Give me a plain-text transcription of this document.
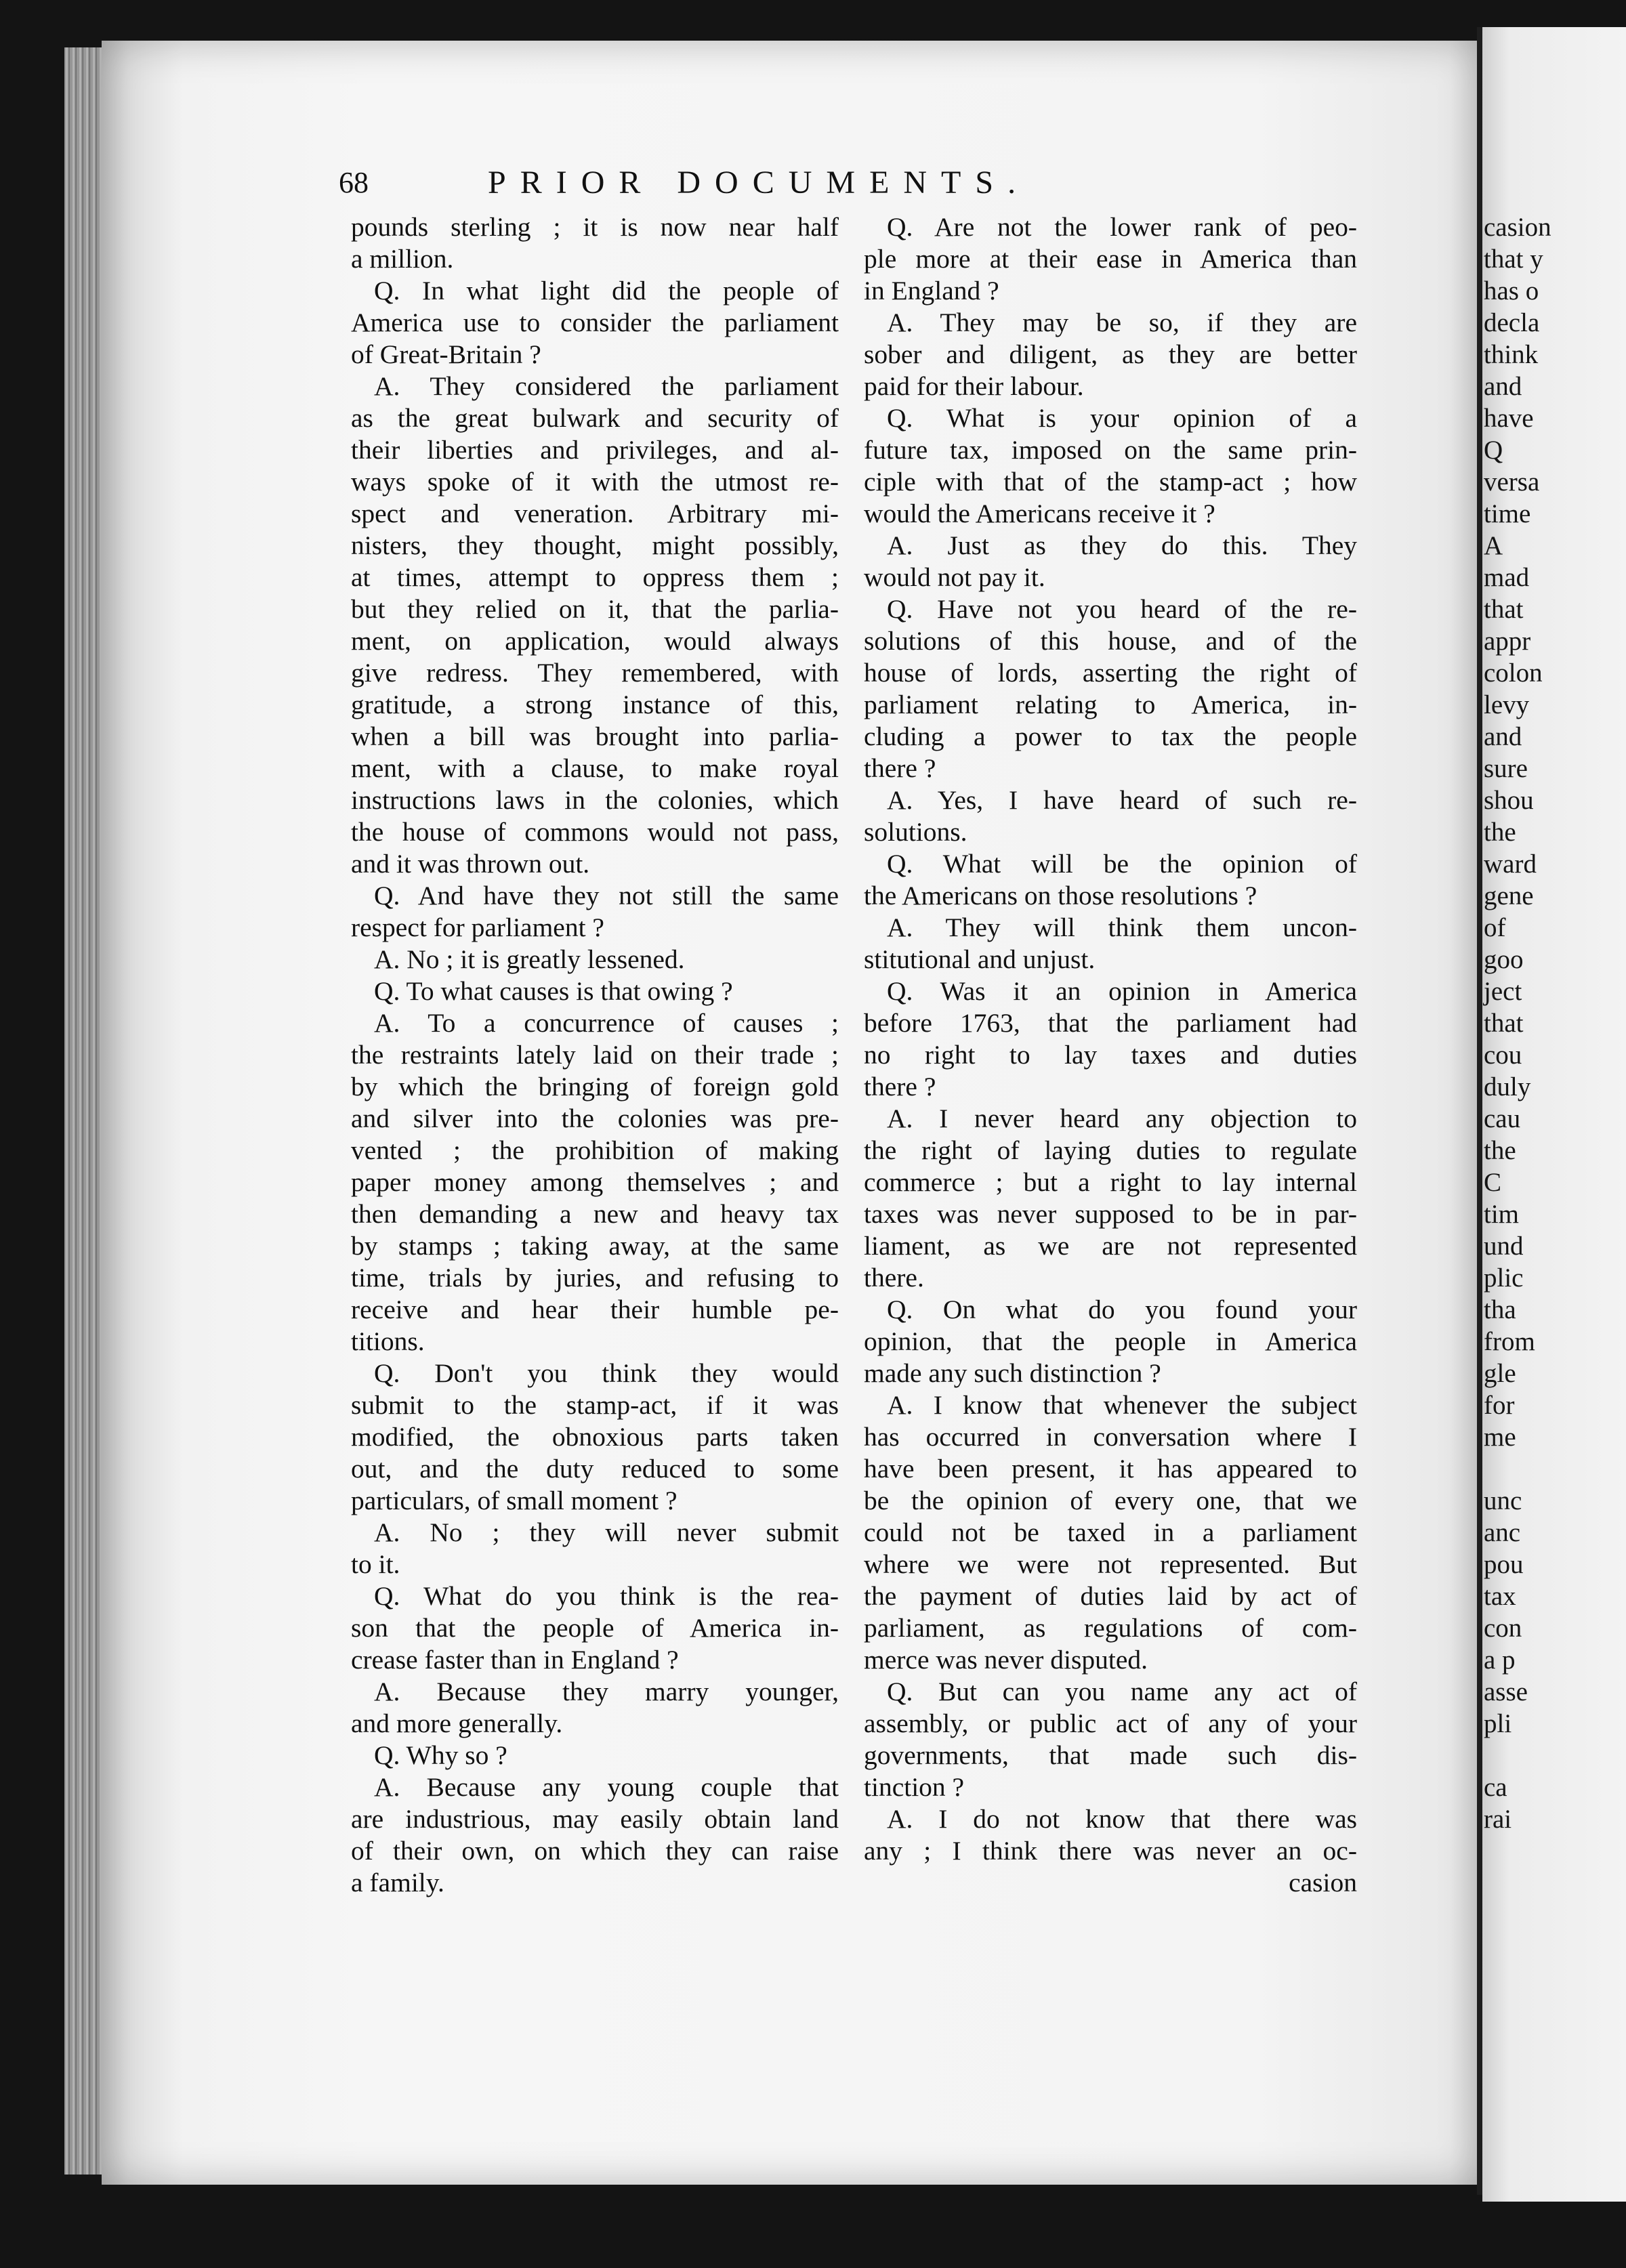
casion
that y
has o
decla
think
and
have
Q
versa
time
A
mad
that
appr
colon
levy
and
sure
shou
the
ward
gene
of
goo
ject
that
cou
duly
cau
the
C
tim
und
plic
tha
from
gle
for
me
unc
anc
pou
tax
con
a p
asse
pli
ca
rai
68	PRIOR DOCUMENTS.
pounds sterling ; it is now near half
a million.
Q. In what light did the people of
America use to consider the parliament
of Great-Britain ?
A. They considered the parliament
as the great bulwark and security of
their liberties and privileges, and al-
ways spoke of it with the utmost re-
spect and veneration. Arbitrary mi-
nisters, they thought, might possibly,
at times, attempt to oppress them ;
but they relied on it, that the parlia-
ment, on application, would always
give redress. They remembered, with
gratitude, a strong instance of this,
when a bill was brought into parlia-
ment, with a clause, to make royal
instructions laws in the colonies, which
the house of commons would not pass,
and it was thrown out.
Q. And have they not still the same
respect for parliament ?
A. No ; it is greatly lessened.
Q. To what causes is that owing ?
A. To a concurrence of causes ;
the restraints lately laid on their trade ;
by which the bringing of foreign gold
and silver into the colonies was pre-
vented ; the prohibition of making
paper money among themselves ; and
then demanding a new and heavy tax
by stamps ; taking away, at the same
time, trials by juries, and refusing to
receive and hear their humble pe-
titions.
Q. Don't you think they would
submit to the stamp-act, if it was
modified, the obnoxious parts taken
out, and the duty reduced to some
particulars, of small moment ?
A. No ; they will never submit
to it.
Q. What do you think is the rea-
son that the people of America in-
crease faster than in England ?
A. Because they marry younger,
and more generally.
Q. Why so ?
A. Because any young couple that
are industrious, may easily obtain land
of their own, on which they can raise
a family.
Q. Are not the lower rank of peo-
ple more at their ease in America than
in England ?
A. They may be so, if they are
sober and diligent, as they are better
paid for their labour.
Q. What is your opinion of a
future tax, imposed on the same prin-
ciple with that of the stamp-act ; how
would the Americans receive it ?
A. Just as they do this. They
would not pay it.
Q. Have not you heard of the re-
solutions of this house, and of the
house of lords, asserting the right of
parliament relating to America, in-
cluding a power to tax the people
there ?
A. Yes, I have heard of such re-
solutions.
Q. What will be the opinion of
the Americans on those resolutions ?
A. They will think them uncon-
stitutional and unjust.
Q. Was it an opinion in America
before 1763, that the parliament had
no right to lay taxes and duties
there ?
A. I never heard any objection to
the right of laying duties to regulate
commerce ; but a right to lay internal
taxes was never supposed to be in par-
liament, as we are not represented
there.
Q. On what do you found your
opinion, that the people in America
made any such distinction ?
A. I know that whenever the subject
has occurred in conversation where I
have been present, it has appeared to
be the opinion of every one, that we
could not be taxed in a parliament
where we were not represented. But
the payment of duties laid by act of
parliament, as regulations of com-
merce was never disputed.
Q. But can you name any act of
assembly, or public act of any of your
governments, that made such dis-
tinction ?
A. I do not know that there was
any ; I think there was never an oc-
casion
